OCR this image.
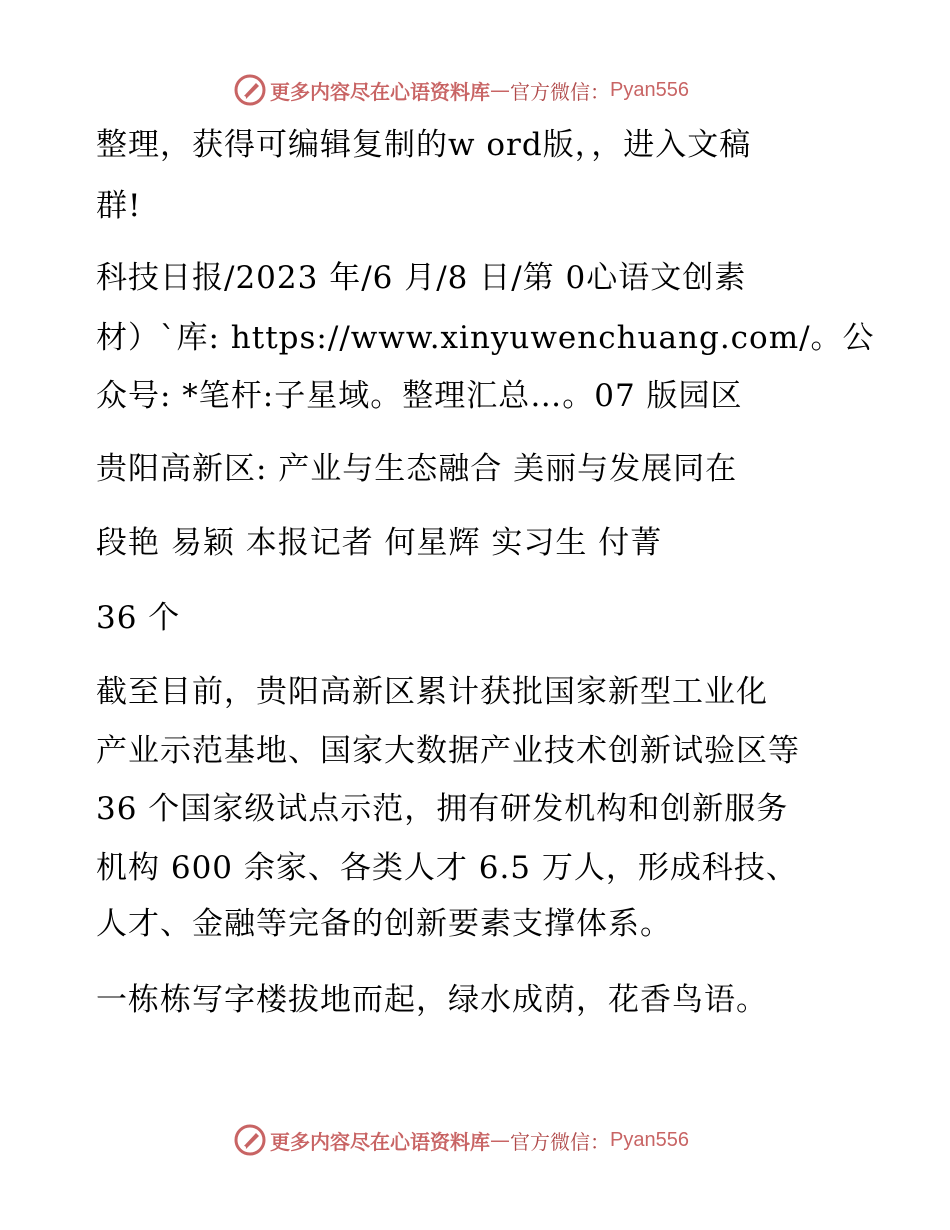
更多内容尽在心语资料库 — 官方微信： Pyan556
整理，获得可编辑复制的w ord版，，进入文稿
群!
科技日报/2023 年/6 月/8 日/第 0心语文创素
材）`库: https://www.xinyuwenchuang.com/。公
众号: *笔杆:子星域。整理汇总…。07 版园区
贵阳高新区: 产业与生态融合 美丽与发展同在
段艳 易颖 本报记者 何星辉 实习生 付菁
36 个
截至目前，贵阳高新区累计获批国家新型工业化
产业示范基地、国家大数据产业技术创新试验区等
36 个国家级试点示范，拥有研发机构和创新服务
机构 600 余家、各类人才 6.5 万人，形成科技、
人才、金融等完备的创新要素支撑体系。
一栋栋写字楼拔地而起，绿水成荫，花香鸟语。
更多内容尽在心语资料库 — 官方微信： Pyan556
